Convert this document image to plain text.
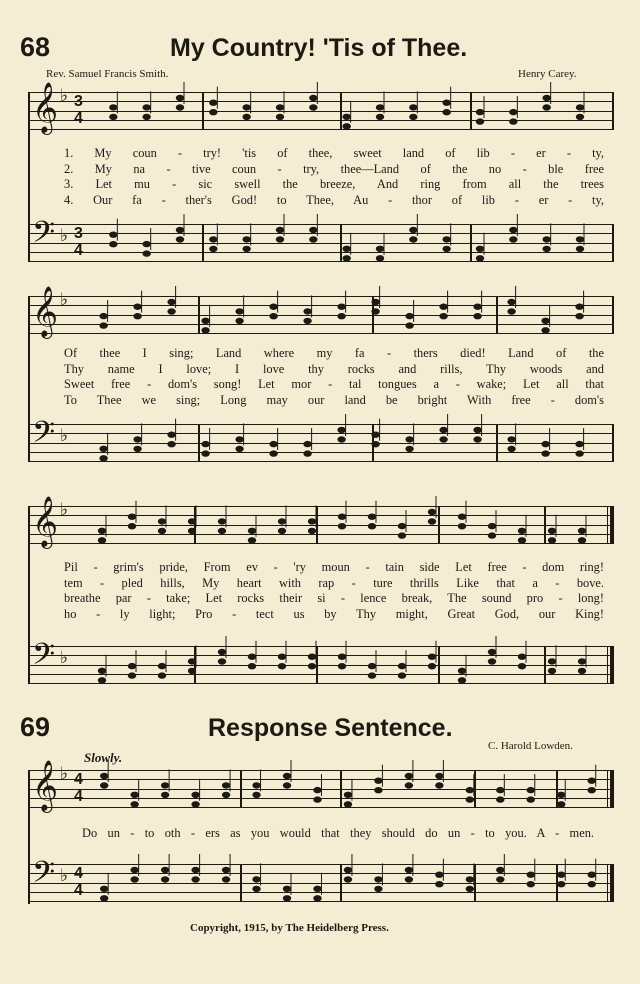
68	My Country! 'Tis of Thee.
Rev. Samuel Francis Smith.	Henry Carey.
𝄞 ♭ 3
4
1. My coun - try! 'tis of thee, sweet land of lib - er - ty,
2. My na - tive coun - try, thee—Land of the no - ble free
3. Let mu - sic swell the breeze, And ring from all the trees
4. Our fa - ther's God! to Thee, Au - thor of lib - er - ty,
𝄢 ♭ 3
4
𝄞 ♭
Of thee I sing; Land where my fa - thers died! Land of the
Thy name I love; I love thy rocks and rills, Thy woods and
Sweet free - dom's song! Let mor - tal tongues a - wake; Let all that
To Thee we sing; Long may our land be bright With free - dom's
𝄢 ♭
𝄞 ♭
Pil - grim's pride, From ev - 'ry moun - tain side Let free - dom ring!
tem - pled hills, My heart with rap - ture thrills Like that a - bove.
breathe par - take; Let rocks their si - lence break, The sound pro - long!
ho - ly light; Pro - tect us by Thy might, Great God, our King!
𝄢 ♭
69	Response Sentence.
C. Harold Lowden.
Slowly.
𝄞 ♭ 4
4
Do un - to oth - ers as you would that they should do un - to you. A - men.
𝄢 ♭ 4
4
Copyright, 1915, by The Heidelberg Press.
